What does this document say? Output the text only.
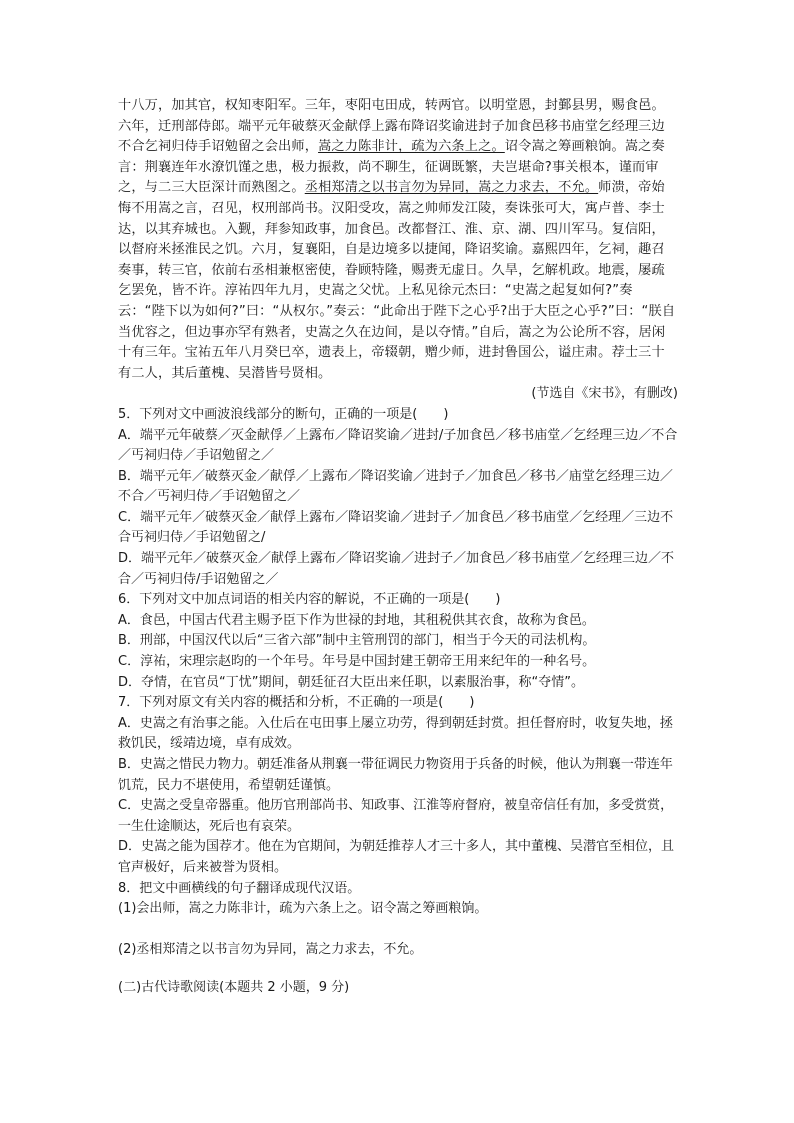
十八万，加其官，权知枣阳军。三年，枣阳屯田成，转两官。以明堂恩，封鄞县男，赐食邑。六年，迁刑部侍郎。端平元年破蔡灭金献俘上露布降诏奖谕进封子加食邑移书庙堂乞经理三边不合乞祠归侍手诏勉留之会出师，嵩之力陈非计，疏为六条上之。诏令嵩之筹画粮饷。嵩之奏言：荆襄连年水潦饥馑之患，极力振救，尚不聊生，征调既繁，夫岂堪命?事关根本，谨而审之，与二三大臣深计而熟图之。丞相郑清之以书言勿为异同，嵩之力求去，不允。师溃，帝始悔不用嵩之言，召见，权刑部尚书。汉阳受攻，嵩之帅师发江陵，奏诛张可大，寓卢普、李士达，以其弃城也。入觐，拜参知政事，加食邑。改都督江、淮、京、湖、四川军马。复信阳，以督府米拯淮民之饥。六月，复襄阳，自是边境多以捷闻，降诏奖谕。嘉熙四年，乞祠，趣召奏事，转三官，依前右丞相兼枢密使，眷顾特隆，赐赉无虚日。久旱，乞解机政。地震，屡疏乞罢免，皆不许。淳祐四年九月，史嵩之父忧。上私见徐元杰曰：“史嵩之起复如何?”奏云：“陛下以为如何?”曰：“从权尔。”奏云：“此命出于陛下之心乎?出于大臣之心乎?”曰：“朕自当优容之，但边事亦罕有熟者，史嵩之久在边间，是以夺情。”自后，嵩之为公论所不容，居闲十有三年。宝祐五年八月癸巳卒，遗表上，帝辍朝，赠少师，进封鲁国公，谥庄肃。荐士三十有二人，其后董槐、吴潜皆号贤相。

(节选自《宋书》，有删改)

5．下列对文中画波浪线部分的断句，正确的一项是(　　)

A．端平元年破蔡／灭金献俘／上露布／降诏奖谕／进封/子加食邑／移书庙堂／乞经理三边／不合／丐祠归侍／手诏勉留之／

B．端平元年／破蔡灭金／献俘／上露布／降诏奖谕／进封子／加食邑／移书／庙堂乞经理三边／不合／丐祠归侍／手诏勉留之／

C．端平元年／破蔡灭金／献俘上露布／降诏奖谕／进封子／加食邑／移书庙堂／乞经理／三边不合丐祠归侍／手诏勉留之/

D．端平元年／破蔡灭金／献俘上露布／降诏奖谕／进封子／加食邑／移书庙堂／乞经理三边／不合／丐祠归侍/手诏勉留之／

6．下列对文中加点词语的相关内容的解说，不正确的一项是(　　)

A．食邑，中国古代君主赐予臣下作为世禄的封地，其租税供其衣食，故称为食邑。

B．刑部，中国汉代以后“三省六部”制中主管刑罚的部门，相当于今天的司法机构。

C．淳祐，宋理宗赵昀的一个年号。年号是中国封建王朝帝王用来纪年的一种名号。

D．夺情，在官员“丁忧”期间，朝廷征召大臣出来任职，以素服治事，称“夺情”。

7．下列对原文有关内容的概括和分析，不正确的一项是(　　)

A．史嵩之有治事之能。入仕后在屯田事上屡立功劳，得到朝廷封赏。担任督府时，收复失地，拯救饥民，绥靖边境，卓有成效。

B．史嵩之惜民力物力。朝廷准备从荆襄一带征调民力物资用于兵备的时候，他认为荆襄一带连年饥荒，民力不堪使用，希望朝廷谨慎。

C．史嵩之受皇帝器重。他历官刑部尚书、知政事、江淮等府督府，被皇帝信任有加，多受赏赏，一生仕途顺达，死后也有哀荣。

D．史嵩之能为国荐才。他在为官期间，为朝廷推荐人才三十多人，其中董槐、吴潜官至相位，且官声极好，后来被誉为贤相。

8．把文中画横线的句子翻译成现代汉语。

(1)会出师，嵩之力陈非计，疏为六条上之。诏令嵩之筹画粮饷。

(2)丞相郑清之以书言勿为异同，嵩之力求去，不允。

(二)古代诗歌阅读(本题共 2 小题，9 分)
